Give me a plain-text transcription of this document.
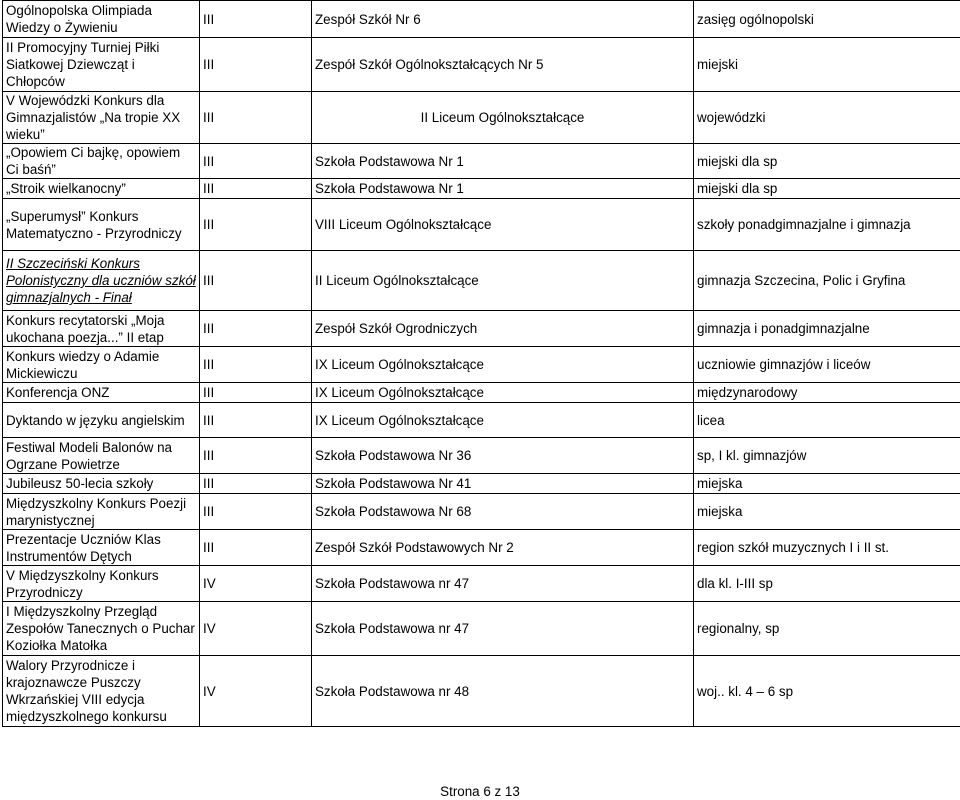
Ogólnopolska Olimpiada Wiedzy o Żywieniu	III	Zespół Szkół Nr 6	zasięg ogólnopolski
II Promocyjny Turniej Piłki Siatkowej Dziewcząt i Chłopców	III	Zespół Szkół Ogólnokształcących Nr 5	miejski
V Wojewódzki Konkurs dla Gimnazjalistów „Na tropie XX wieku”	III	II Liceum Ogólnokształcące	wojewódzki
„Opowiem Ci bajkę, opowiem Ci baśń”	III	Szkoła Podstawowa Nr 1	miejski dla sp
„Stroik wielkanocny”	III	Szkoła Podstawowa Nr 1	miejski dla sp
„Superumysł” Konkurs Matematyczno - Przyrodniczy	III	VIII Liceum Ogólnokształcące	szkoły ponadgimnazjalne i gimnazja
II Szczeciński Konkurs Polonistyczny dla uczniów szkół gimnazjalnych - Finał	III	II Liceum Ogólnokształcące	gimnazja Szczecina, Polic i Gryfina
Konkurs recytatorski „Moja ukochana poezja...” II etap	III	Zespół Szkół Ogrodniczych	gimnazja i ponadgimnazjalne
Konkurs wiedzy o Adamie Mickiewiczu	III	IX Liceum Ogólnokształcące	uczniowie gimnazjów i liceów
Konferencja ONZ	III	IX Liceum Ogólnokształcące	międzynarodowy
Dyktando w języku angielskim	III	IX Liceum Ogólnokształcące	licea
Festiwal Modeli Balonów na Ogrzane Powietrze	III	Szkoła Podstawowa Nr 36	sp, I kl. gimnazjów
Jubileusz 50-lecia szkoły	III	Szkoła Podstawowa Nr 41	miejska
Międzyszkolny Konkurs Poezji marynistycznej	III	Szkoła Podstawowa Nr 68	miejska
Prezentacje Uczniów Klas Instrumentów Dętych	III	Zespół Szkół Podstawowych Nr 2	region szkół muzycznych I i II st.
V Międzyszkolny Konkurs Przyrodniczy	IV	Szkoła Podstawowa nr 47	dla kl. I-III sp
I Międzyszkolny Przegląd Zespołów Tanecznych o Puchar Koziołka Matołka	IV	Szkoła Podstawowa nr 47	regionalny, sp
Walory Przyrodnicze i krajoznawcze Puszczy Wkrzańskiej VIII edycja międzyszkolnego konkursu	IV	Szkoła Podstawowa nr 48	woj.. kl. 4 – 6 sp
Strona 6 z 13
